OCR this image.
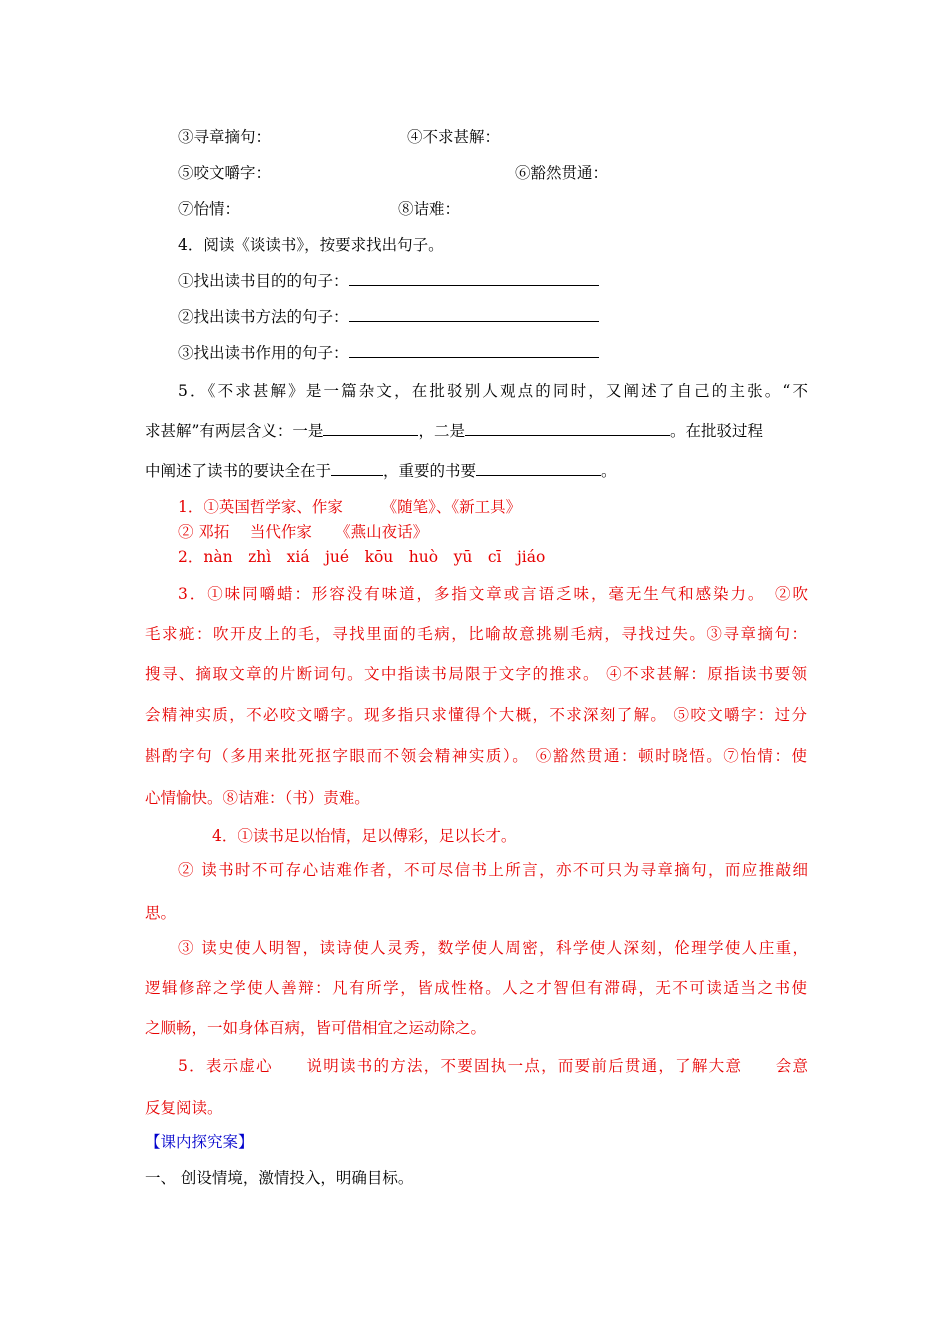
③寻章摘句：	④不求甚解：
⑤咬文嚼字：	⑥豁然贯通：
⑦怡情：	⑧诘难：
4．阅读《谈读书》，按要求找出句子。
①找出读书目的的句子：
②找出读书方法的句子：
③找出读书作用的句子：
5．《不求甚解》是一篇杂文，在批驳别人观点的同时，又阐述了自己的主张。“不
求甚解”有两层含义：一是	，二是	。在批驳过程
中阐述了读书的要诀全在于	，重要的书要	。
1．①英国哲学家、作家　　　《随笔》、《新工具》
② 邓拓　 当代作家　　《燕山夜话》
2．nàn　zhì　xiá　jué　kōu　huò　yū　cī　jiáo
3．①味同嚼蜡：形容没有味道，多指文章或言语乏味，毫无生气和感染力。　②吹
毛求疵：吹开皮上的毛，寻找里面的毛病，比喻故意挑剔毛病，寻找过失。③寻章摘句：
搜寻、摘取文章的片断词句。文中指读书局限于文字的推求。 ④不求甚解：原指读书要领
会精神实质，不必咬文嚼字。现多指只求懂得个大概，不求深刻了解。 ⑤咬文嚼字：过分
斟酌字句（多用来批死抠字眼而不领会精神实质）。 ⑥豁然贯通：顿时晓悟。⑦怡情：使
心情愉快。⑧诘难：（书）责难。
4．①读书足以怡情，足以傅彩，足以长才。
② 读书时不可存心诘难作者，不可尽信书上所言，亦不可只为寻章摘句，而应推敲细
思。
③ 读史使人明智，读诗使人灵秀，数学使人周密，科学使人深刻，伦理学使人庄重，
逻辑修辞之学使人善辩：凡有所学，皆成性格。人之才智但有滞碍，无不可读适当之书使
之顺畅，一如身体百病，皆可借相宜之运动除之。
5．表示虚心　　说明读书的方法，不要固执一点，而要前后贯通，了解大意　　会意
反复阅读。
【课内探究案】
一、 创设情境，激情投入，明确目标。
